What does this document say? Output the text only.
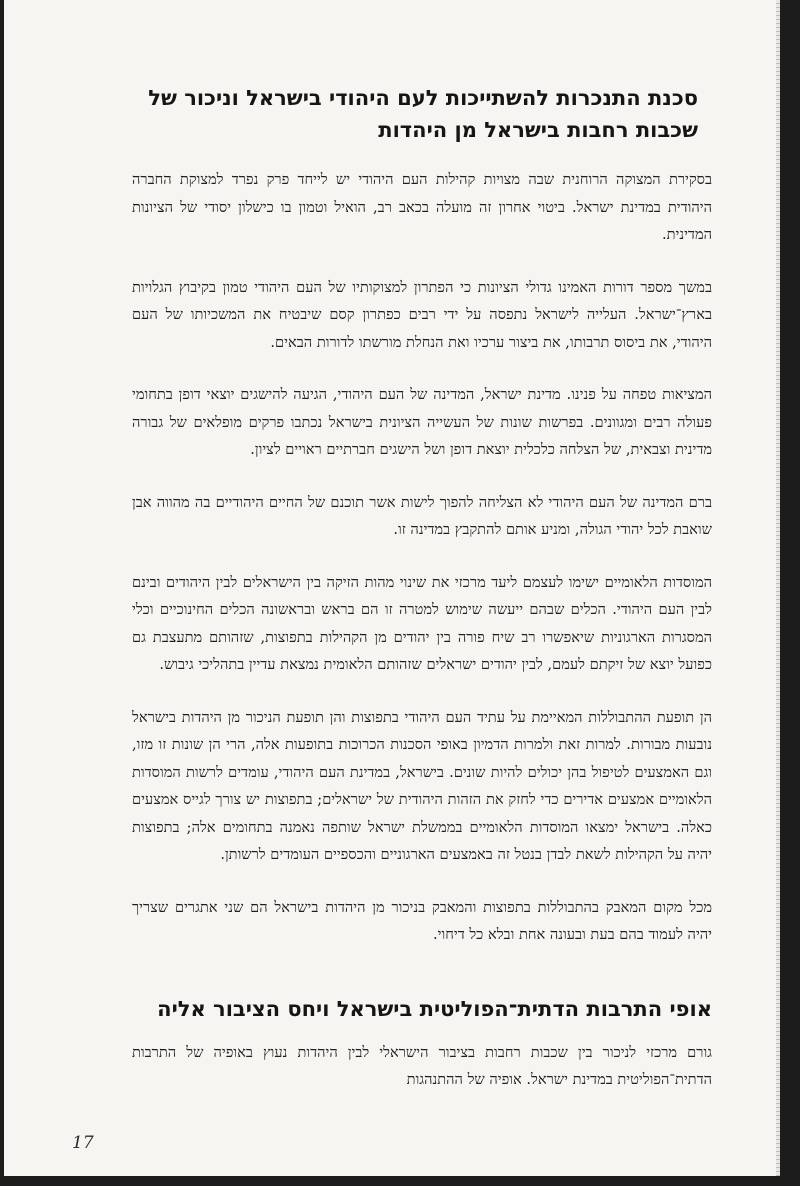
סכנת התנכרות להשתייכות לעם היהודי בישראל וניכור של שכבות רחבות בישראל מן היהדות

בסקירת המצוקה הרוחנית שבה מצויות קהילות העם היהודי יש לייחד פרק נפרד למצוקת החברה היהודית במדינת ישראל. ביטוי אחרון זה מועלה בכאב רב, הואיל וטמון בו כישלון יסודי של הציונות המדינית.

במשך מספר דורות האמינו גדולי הציונות כי הפתרון למצוקותיו של העם היהודי טמון בקיבוץ הגלויות בארץ־ישראל. העלייה לישראל נתפסה על ידי רבים כפתרון קסם שיבטיח את המשכיותו של העם היהודי, את ביסוס תרבותו, את ביצור ערכיו ואת הנחלת מורשתו לדורות הבאים.

המציאות טפחה על פנינו. מדינת ישראל, המדינה של העם היהודי, הגיעה להישגים יוצאי דופן בתחומי פעולה רבים ומגוונים. בפרשות שונות של העשייה הציונית בישראל נכתבו פרקים מופלאים של גבורה מדינית וצבאית, של הצלחה כלכלית יוצאת דופן ושל הישגים חברתיים ראויים לציון.

ברם המדינה של העם היהודי לא הצליחה להפוך לישות אשר תוכנם של החיים היהודיים בה מהווה אבן שואבת לכל יהודי הגולה, ומניע אותם להתקבץ במדינה זו.

המוסדות הלאומיים ישימו לעצמם ליעד מרכזי את שינוי מהות הזיקה בין הישראלים לבין היהודים ובינם לבין העם היהודי. הכלים שבהם ייעשה שימוש למטרה זו הם בראש ובראשונה הכלים החינוכיים וכלי המסגרות הארגוניות שיאפשרו רב שיח פורה בין יהודים מן הקהילות בתפוצות, שזהותם מתעצבת גם כפועל יוצא של זיקתם לעמם, לבין יהודים ישראלים שזהותם הלאומית נמצאת עדיין בתהליכי גיבוש.

הן תופעת ההתבוללות המאיימת על עתיד העם היהודי בתפוצות והן תופעת הניכור מן היהדות בישראל נובעות מבורות. למרות זאת ולמרות הדמיון באופי הסכנות הכרוכות בתופעות אלה, הרי הן שונות זו מזו, וגם האמצעים לטיפול בהן יכולים להיות שונים. בישראל, במדינת העם היהודי, עומדים לרשות המוסדות הלאומיים אמצעים אדירים כדי לחזק את הזהות היהודית של ישראלים; בתפוצות יש צורך לגייס אמצעים כאלה. בישראל ימצאו המוסדות הלאומיים בממשלת ישראל שותפה נאמנה בתחומים אלה; בתפוצות יהיה על הקהילות לשאת לבדן בנטל זה באמצעים הארגוניים והכספיים העומדים לרשותן.

מכל מקום המאבק בהתבוללות בתפוצות והמאבק בניכור מן היהדות בישראל הם שני אתגרים שצריך יהיה לעמוד בהם בעת ובעונה אחת ובלא כל דיחוי.

אופי התרבות הדתית־הפוליטית בישראל ויחס הציבור אליה

גורם מרכזי לניכור בין שכבות רחבות בציבור הישראלי לבין היהדות נעוץ באופיה של התרבות הדתית־הפוליטית במדינת ישראל. אופיה של ההתנהגות

17
